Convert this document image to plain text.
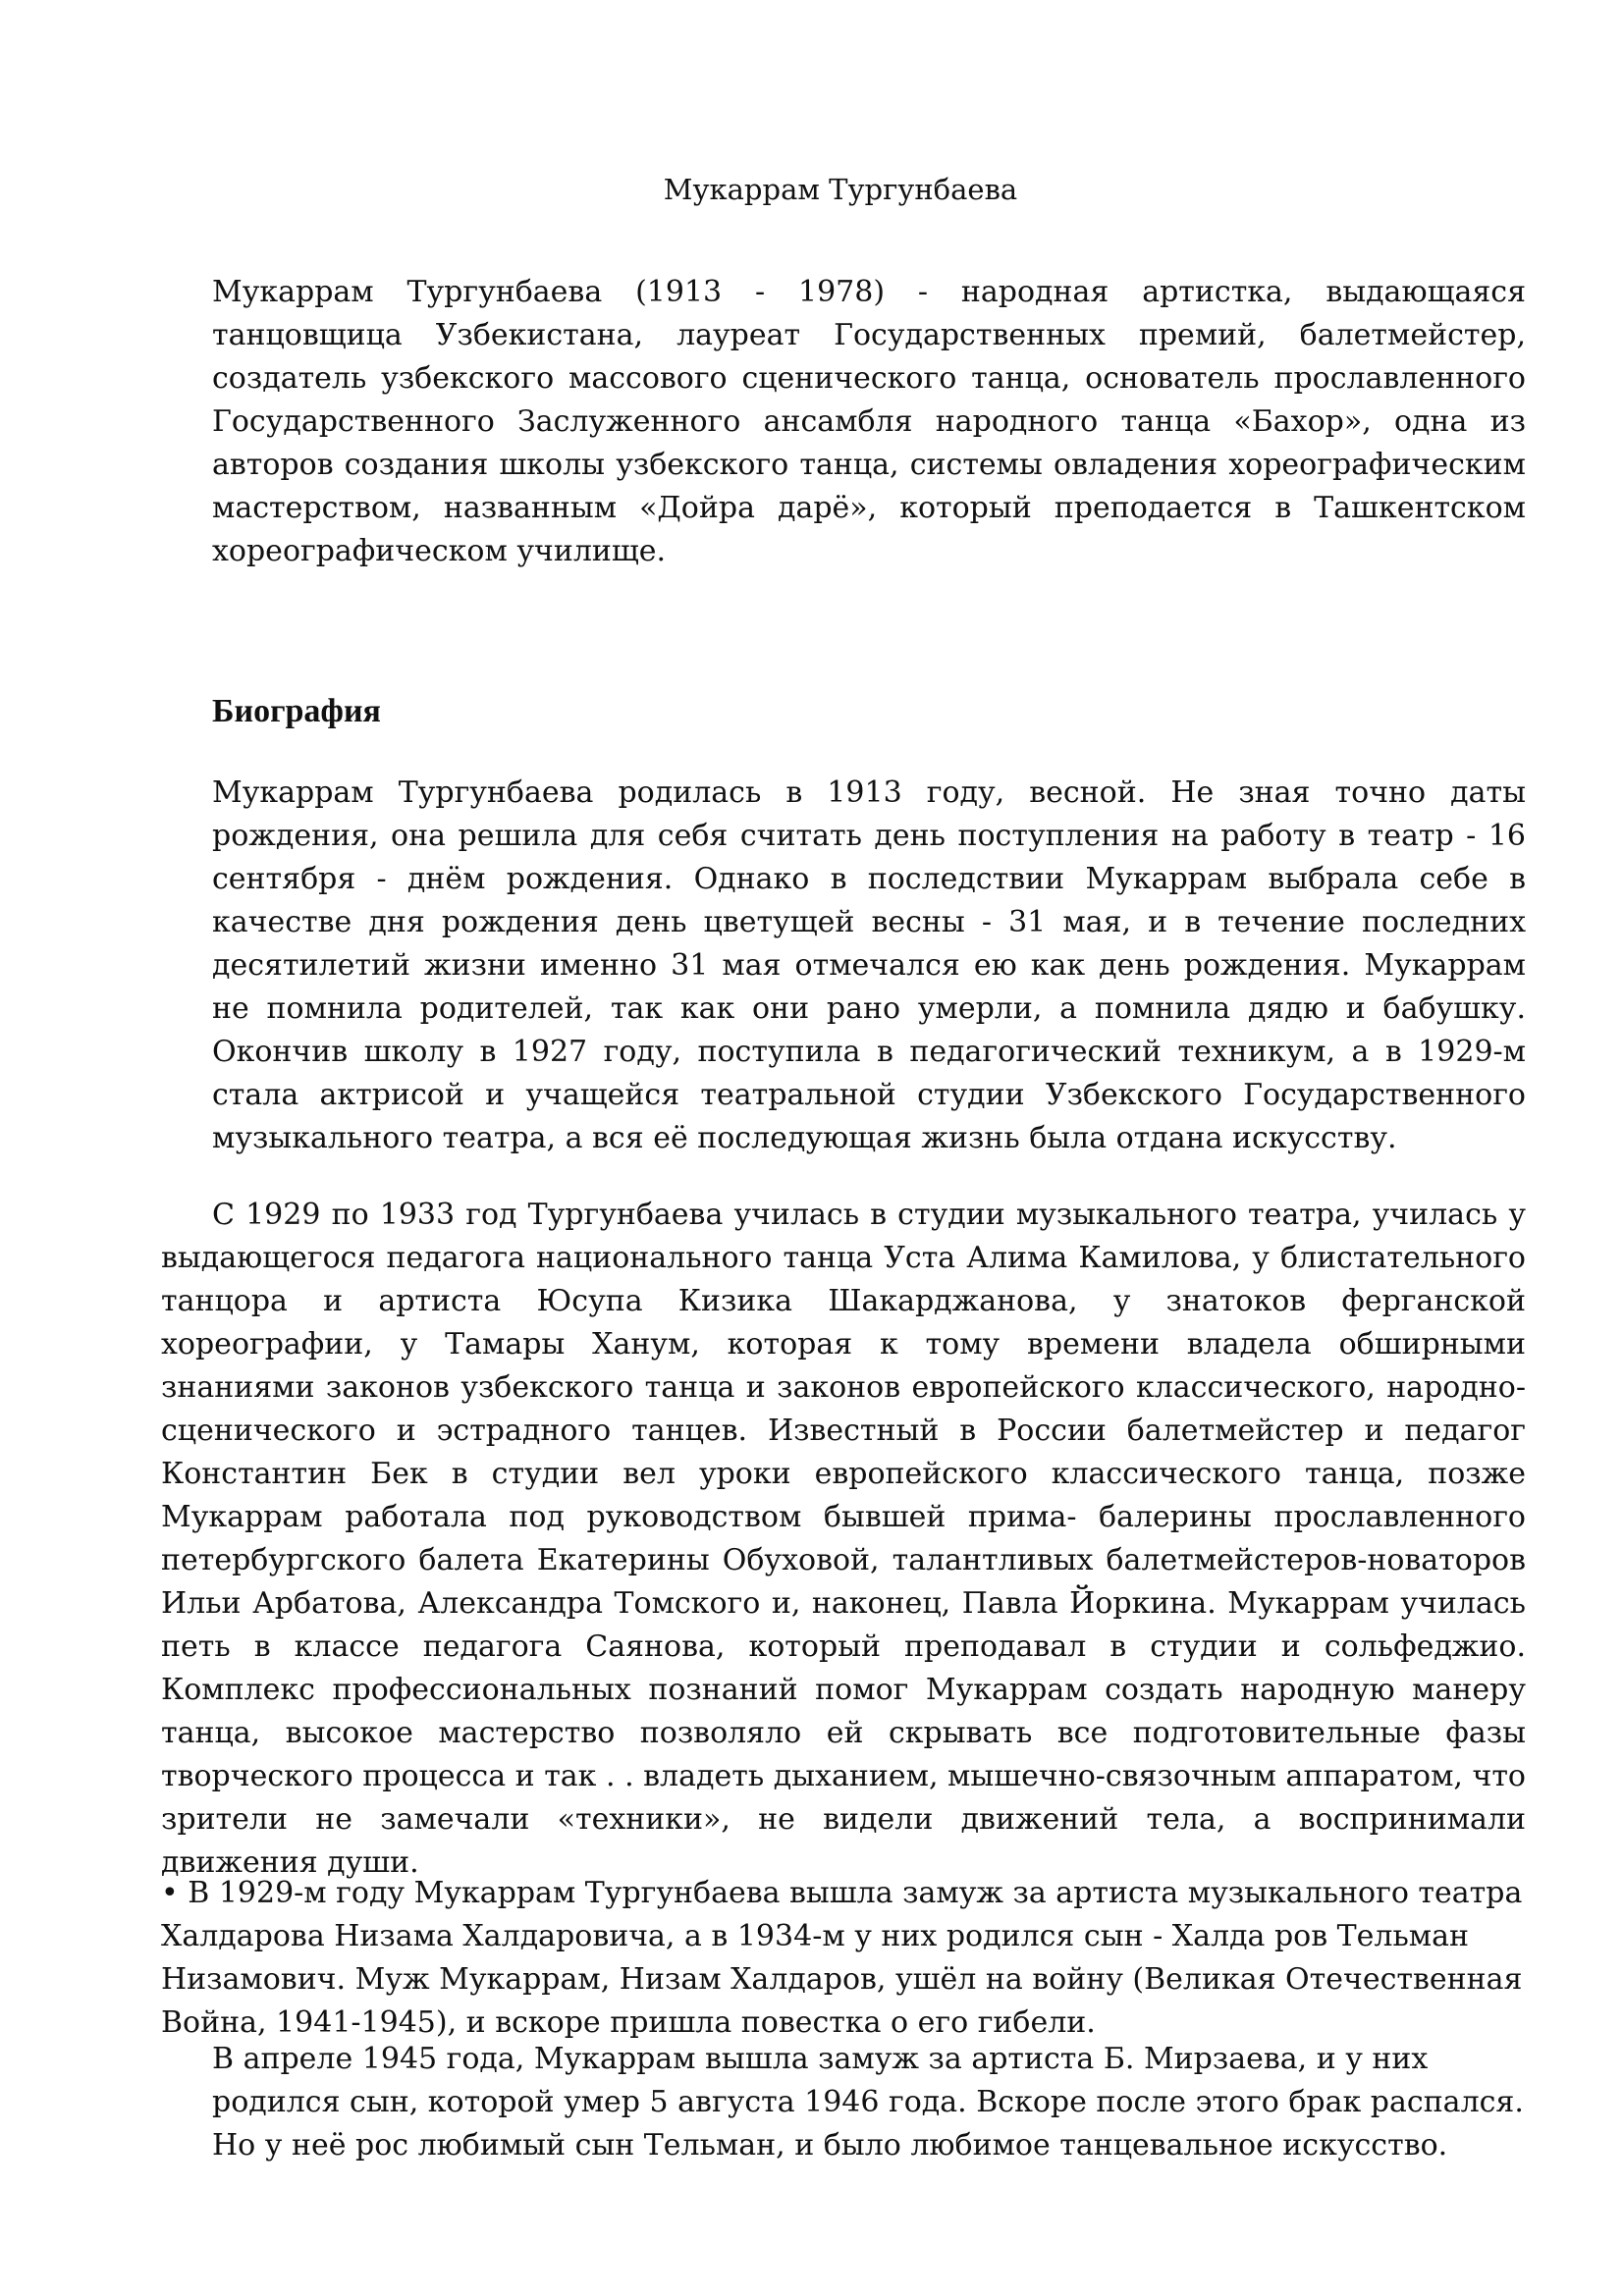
Мукаррам Тургунбаева

Мукаррам Тургунбаева (1913 - 1978) - народная артистка, выдающаяся танцовщица Узбекистана, лауреат Государственных премий, балетмейстер, создатель узбекского массового сценического танца, основатель прославленного Государственного Заслуженного ансамбля народного танца «Бахор», одна из авторов создания школы узбекского танца, системы овладения хореографическим мастерством, названным «Дойра дарё», который преподается в Ташкентском хореографическом училище.

Биография

Мукаррам Тургунбаева родилась в 1913 году, весной. Не зная точно даты рождения, она решила для себя считать день поступления на работу в театр - 16 сентября - днём рождения. Однако в последствии Мукаррам выбрала себе в качестве дня рождения день цветущей весны - 31 мая, и в течение последних десятилетий жизни именно 31 мая отмечался ею как день рождения. Мукаррам не помнила родителей, так как они рано умерли, а помнила дядю и бабушку. Окончив школу в 1927 году, поступила в педагогический техникум, а в 1929-м стала актрисой и учащейся театральной студии Узбекского Государственного музыкального театра, а вся её последующая жизнь была отдана искусству.

С 1929 по 1933 год Тургунбаева училась в студии музыкального театра, училась у выдающегося педагога национального танца Уста Алима Камилова, у блистательного танцора и артиста Юсупа Кизика Шакарджанова, у знатоков ферганской хореографии, у Тамары Ханум, которая к тому времени владела обширными знаниями законов узбекского танца и законов европейского классического, народно-сценического и эстрадного танцев. Известный в России балетмейстер и педагог Константин Бек в студии вел уроки европейского классического танца, позже Мукаррам работала под руководством бывшей прима- балерины прославленного петербургского балета Екатерины Обуховой, талантливых балетмейстеров-новаторов Ильи Арбатова, Александра Томского и, наконец, Павла Йоркина. Мукаррам училась петь в классе педагога Саянова, который преподавал в студии и сольфеджио. Комплекс профессиональных познаний помог Мукаррам создать народную манеру танца, высокое мастерство позволяло ей скрывать все подготовительные фазы творческого процесса и так . . владеть дыханием, мышечно-связочным аппаратом, что зрители не замечали «техники», не видели движений тела, а воспринимали движения души.

• В 1929-м году Мукаррам Тургунбаева вышла замуж за артиста музыкального театра Халдарова Низама Халдаровича, а в 1934-м у них родился сын - Халда ров Тельман Низамович. Муж Мукаррам, Низам Халдаров, ушёл на войну (Великая Отечественная Война, 1941-1945), и вскоре пришла повестка о его гибели.

В апреле 1945 года, Мукаррам вышла замуж за артиста Б. Мирзаева, и у них родился сын, которой умер 5 августа 1946 года. Вскоре после этого брак распался. Но у неё рос любимый сын Тельман, и было любимое танцевальное искусство.
